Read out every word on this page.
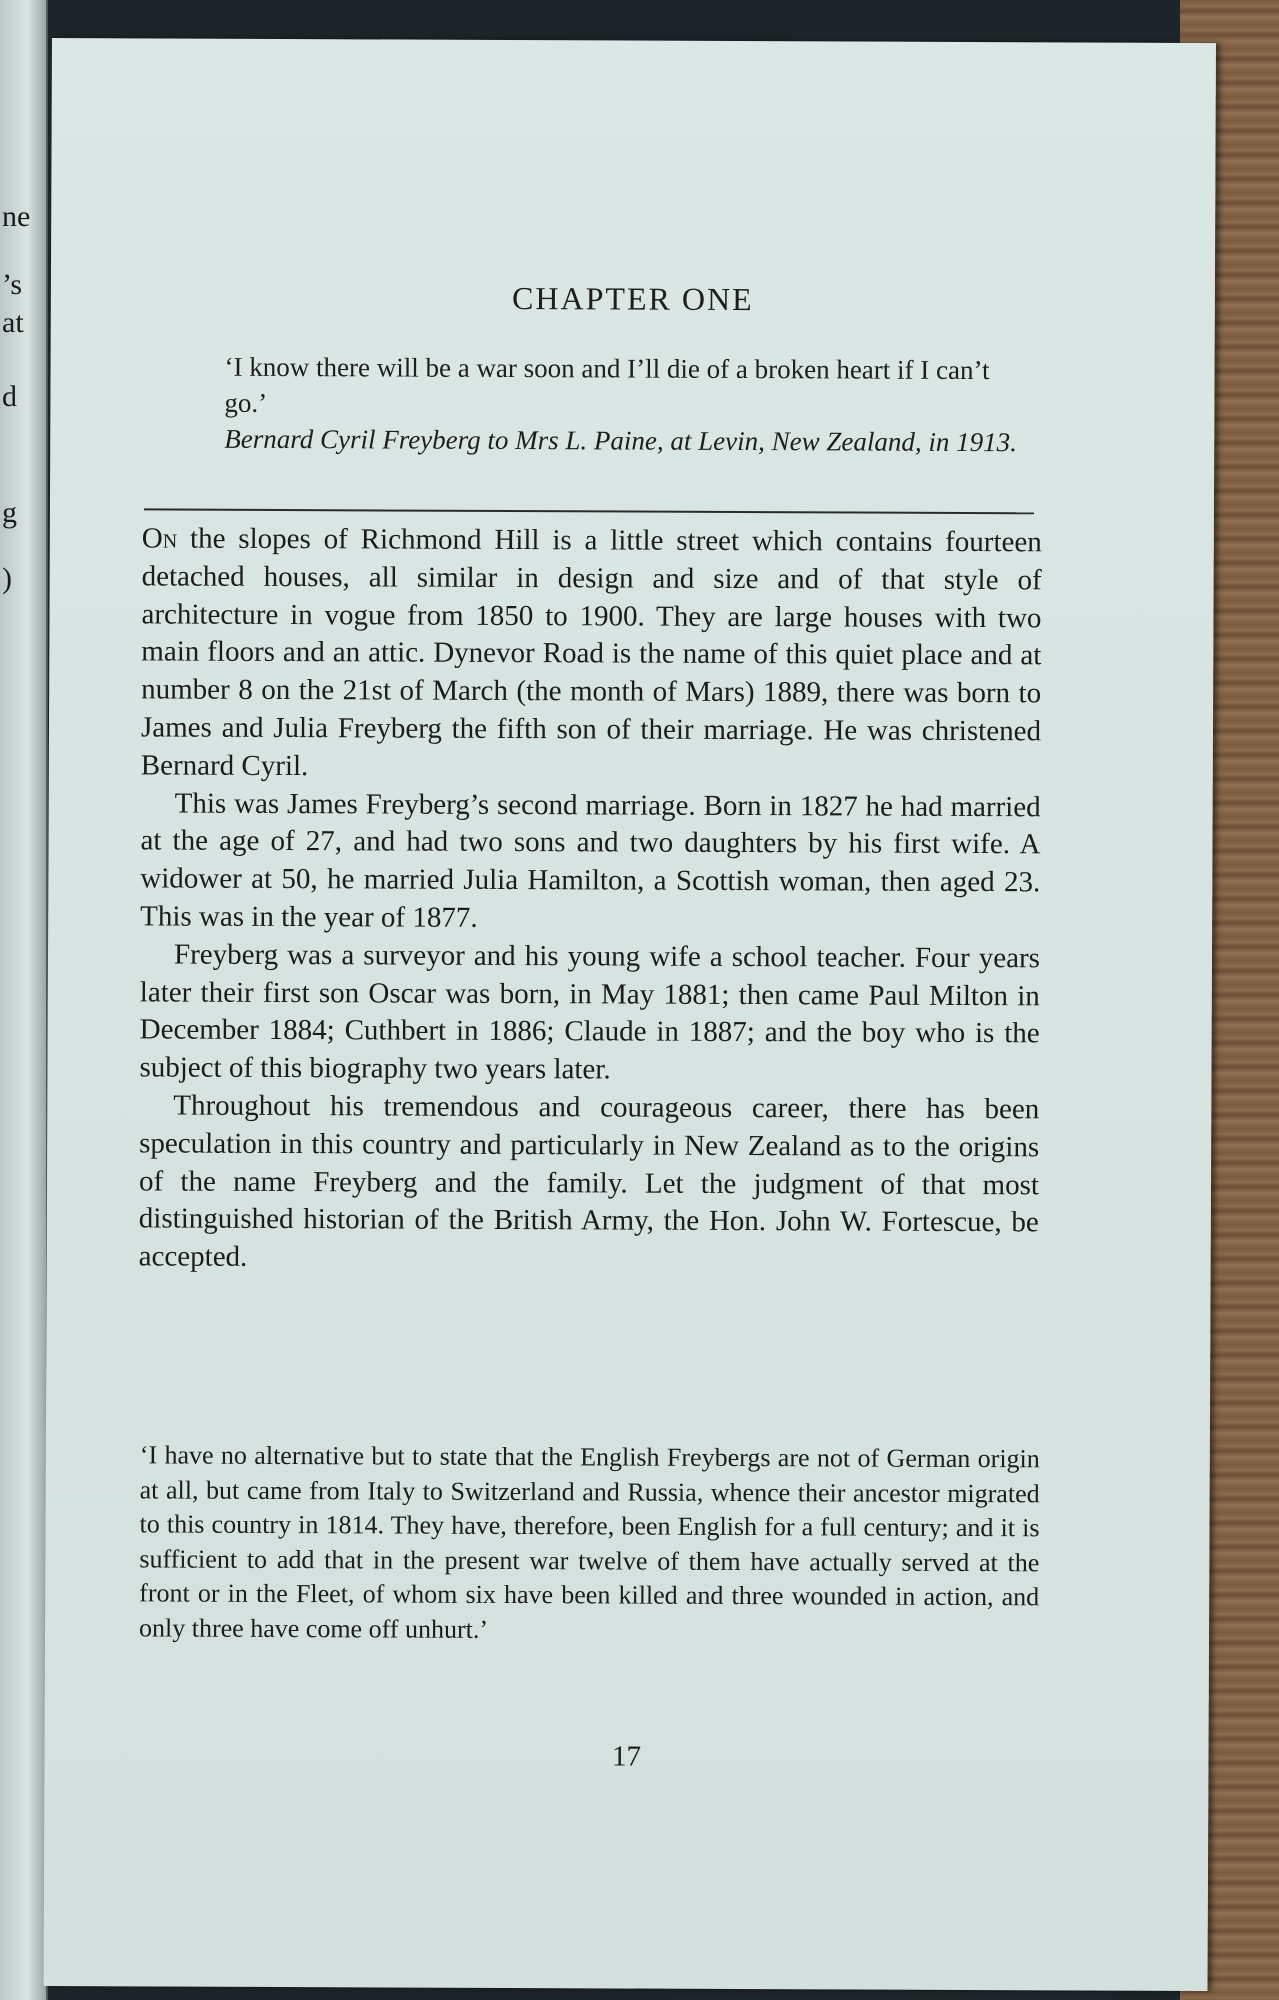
ne
’s
at
d
g
)
CHAPTER ONE

‘I know there will be a war soon and I’ll die of a broken heart if I can’t go.’

Bernard Cyril Freyberg to Mrs L. Paine, at Levin, New Zealand, in 1913.

On the slopes of Richmond Hill is a little street which contains fourteen detached houses, all similar in design and size and of that style of architecture in vogue from 1850 to 1900. They are large houses with two main floors and an attic. Dynevor Road is the name of this quiet place and at number 8 on the 21st of March (the month of Mars) 1889, there was born to James and Julia Freyberg the fifth son of their marriage. He was christened Bernard Cyril.

This was James Freyberg’s second marriage. Born in 1827 he had married at the age of 27, and had two sons and two daughters by his first wife. A widower at 50, he married Julia Hamilton, a Scottish woman, then aged 23. This was in the year of 1877.

Freyberg was a surveyor and his young wife a school teacher. Four years later their first son Oscar was born, in May 1881; then came Paul Milton in December 1884; Cuthbert in 1886; Claude in 1887; and the boy who is the subject of this biography two years later.

Throughout his tremendous and courageous career, there has been speculation in this country and particularly in New Zealand as to the origins of the name Freyberg and the family. Let the judgment of that most distinguished historian of the British Army, the Hon. John W. Fortescue, be accepted.

‘I have no alternative but to state that the English Freybergs are not of German origin at all, but came from Italy to Switzerland and Russia, whence their ancestor migrated to this country in 1814. They have, therefore, been English for a full century; and it is sufficient to add that in the present war twelve of them have actually served at the front or in the Fleet, of whom six have been killed and three wounded in action, and only three have come off unhurt.’

17
